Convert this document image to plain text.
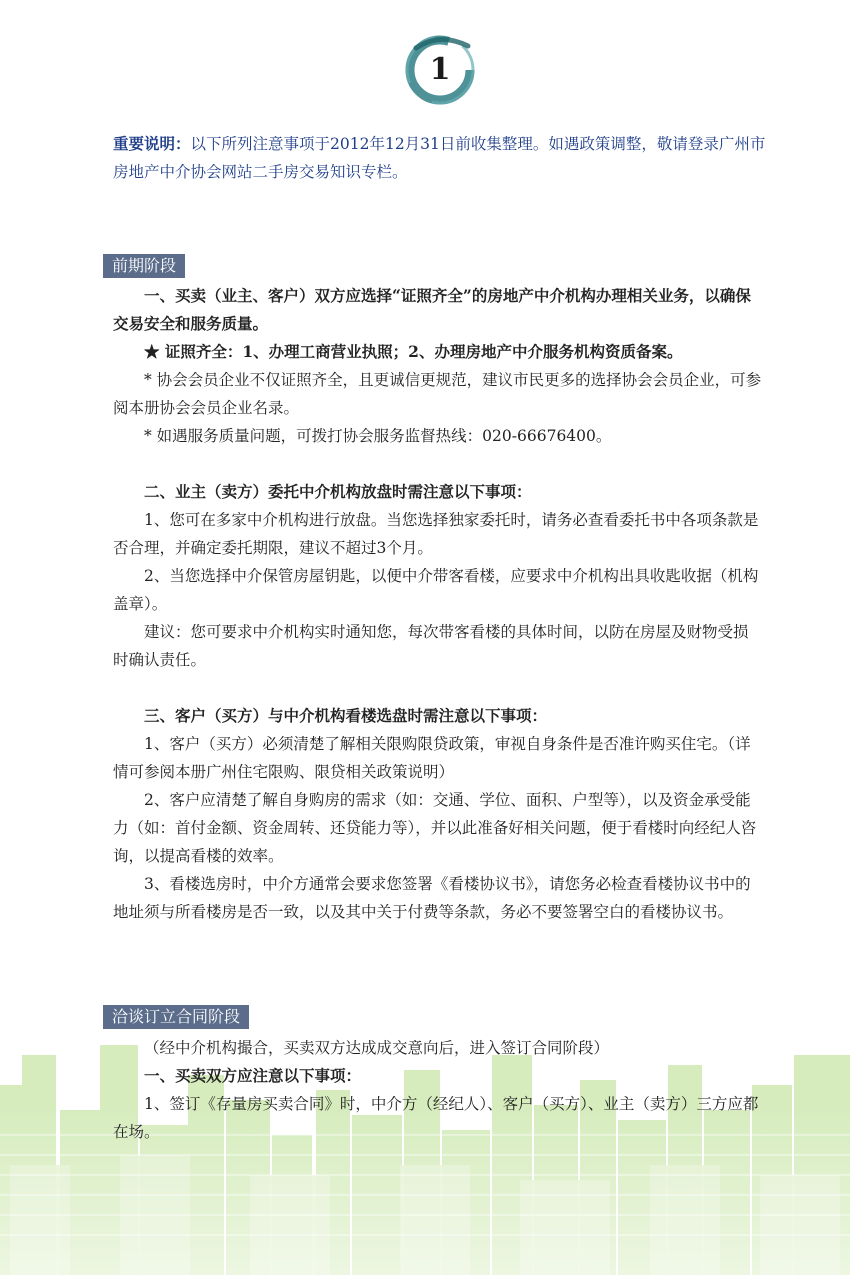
1
重要说明：以下所列注意事项于2012年12月31日前收集整理。如遇政策调整，敬请登录广州市房地产中介协会网站二手房交易知识专栏。
前期阶段

一、买卖（业主、客户）双方应选择“证照齐全”的房地产中介机构办理相关业务，以确保交易安全和服务质量。

★ 证照齐全：1、办理工商营业执照；2、办理房地产中介服务机构资质备案。

* 协会会员企业不仅证照齐全，且更诚信更规范，建议市民更多的选择协会会员企业，可参阅本册协会会员企业名录。

* 如遇服务质量问题，可拨打协会服务监督热线：020-66676400。

二、业主（卖方）委托中介机构放盘时需注意以下事项：

1、您可在多家中介机构进行放盘。当您选择独家委托时，请务必查看委托书中各项条款是否合理，并确定委托期限，建议不超过3个月。

2、当您选择中介保管房屋钥匙，以便中介带客看楼，应要求中介机构出具收匙收据（机构盖章）。

建议：您可要求中介机构实时通知您，每次带客看楼的具体时间，以防在房屋及财物受损时确认责任。

三、客户（买方）与中介机构看楼选盘时需注意以下事项：

1、客户（买方）必须清楚了解相关限购限贷政策，审视自身条件是否准许购买住宅。（详情可参阅本册广州住宅限购、限贷相关政策说明）

2、客户应清楚了解自身购房的需求（如：交通、学位、面积、户型等），以及资金承受能力（如：首付金额、资金周转、还贷能力等），并以此准备好相关问题，便于看楼时向经纪人咨询，以提高看楼的效率。

3、看楼选房时，中介方通常会要求您签署《看楼协议书》，请您务必检查看楼协议书中的地址须与所看楼房是否一致，以及其中关于付费等条款，务必不要签署空白的看楼协议书。

洽谈订立合同阶段

（经中介机构撮合，买卖双方达成成交意向后，进入签订合同阶段）

一、买卖双方应注意以下事项：

1、签订《存量房买卖合同》时，中介方（经纪人）、客户（买方）、业主（卖方）三方应都在场。
